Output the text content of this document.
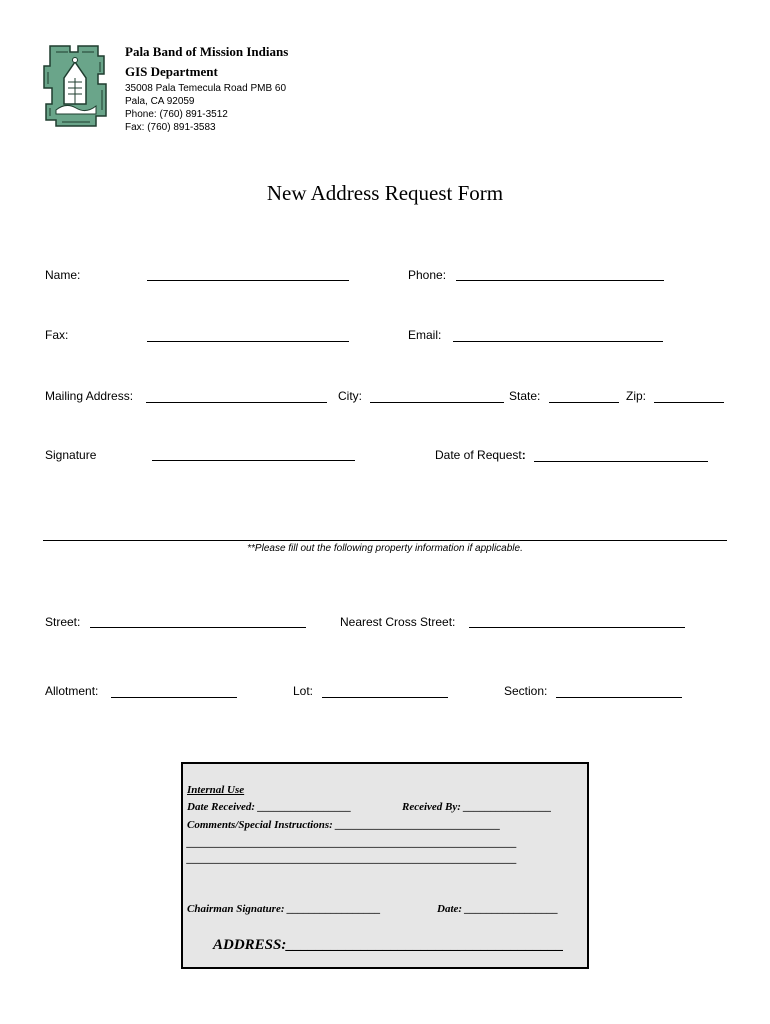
Pala Band of Mission Indians
GIS Department
35008 Pala Temecula Road PMB 60
Pala, CA 92059
Phone: (760) 891-3512
Fax: (760) 891-3583
New Address Request Form
Name:	Phone:
Fax:	Email:
Mailing Address:	City:	State:	Zip:
Signature	Date of Request:
**Please fill out the following property information if applicable.
Street:	Nearest Cross Street:
Allotment:	Lot:	Section:
Internal Use
Date Received: _________________	Received By: ________________
Comments/Special Instructions: ______________________________
____________________________________________________________
____________________________________________________________
Chairman Signature: _________________	Date: _________________
ADDRESS:_____________________________________
